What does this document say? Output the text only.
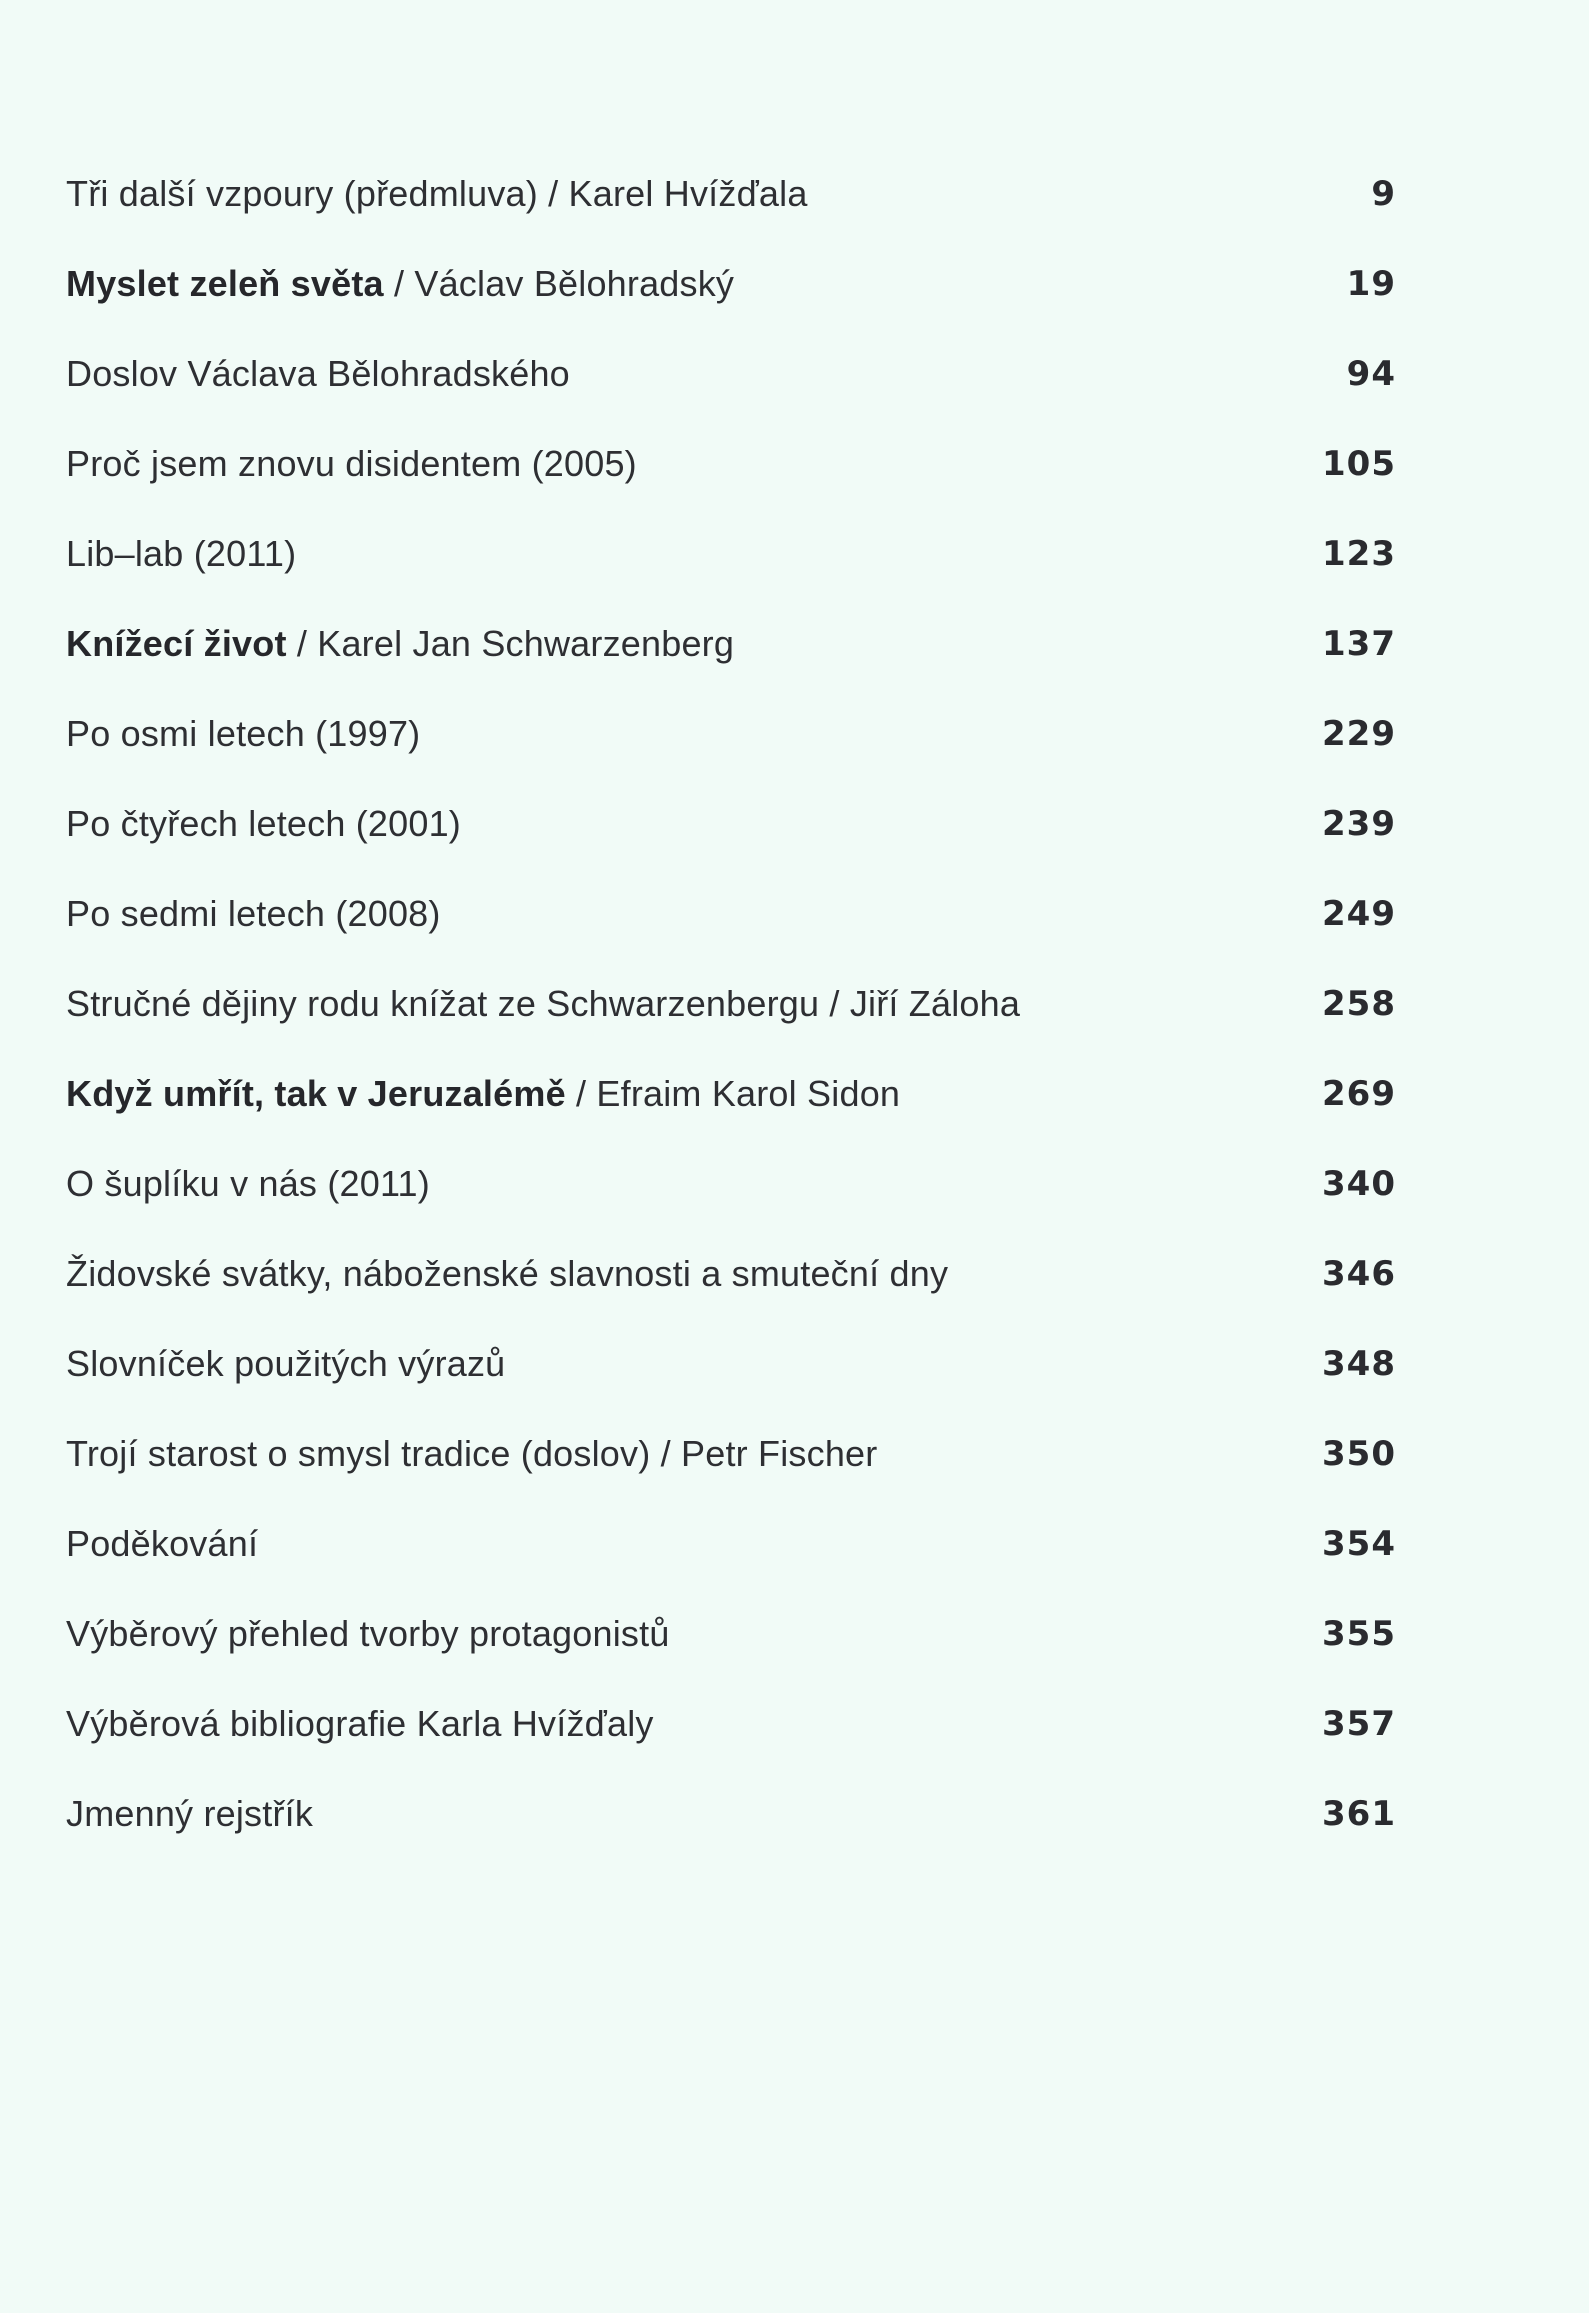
Tři další vzpoury (předmluva) / Karel Hvížďala	9
Myslet zeleň světa / Václav Bělohradský	19
Doslov Václava Bělohradského	94
Proč jsem znovu disidentem (2005)	105
Lib–lab (2011)	123
Knížecí život / Karel Jan Schwarzenberg	137
Po osmi letech (1997)	229
Po čtyřech letech (2001)	239
Po sedmi letech (2008)	249
Stručné dějiny rodu knížat ze Schwarzenbergu / Jiří Záloha	258
Když umřít, tak v Jeruzalémě / Efraim Karol Sidon	269
O šuplíku v nás (2011)	340
Židovské svátky, náboženské slavnosti a smuteční dny	346
Slovníček použitých výrazů	348
Trojí starost o smysl tradice (doslov) / Petr Fischer	350
Poděkování	354
Výběrový přehled tvorby protagonistů	355
Výběrová bibliografie Karla Hvížďaly	357
Jmenný rejstřík	361
